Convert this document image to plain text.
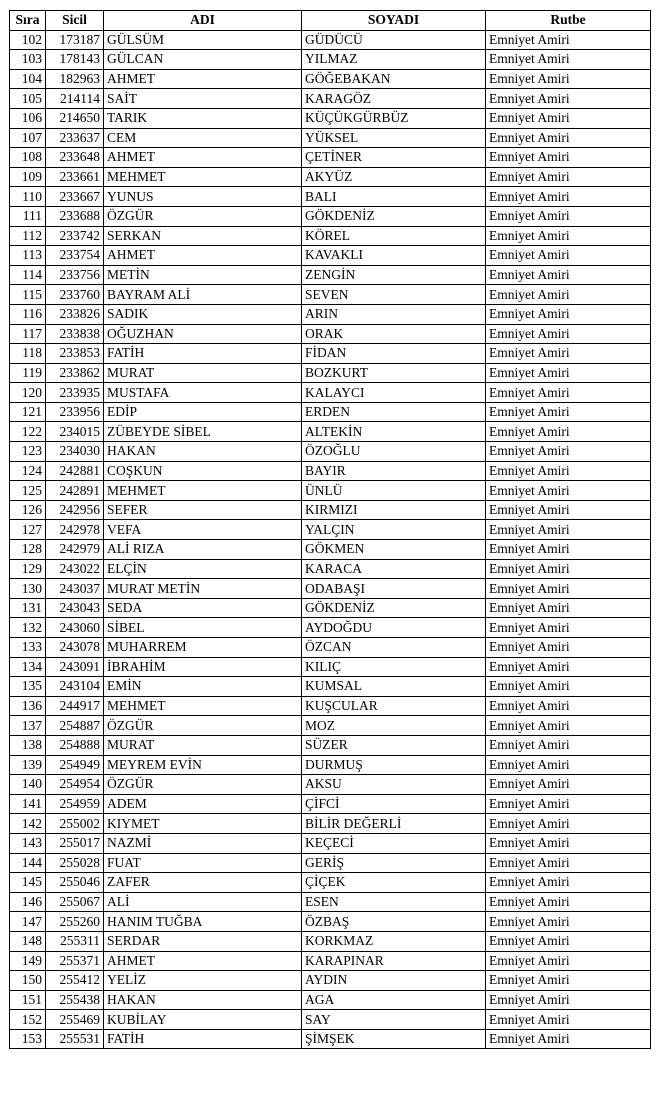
Sıra	Sicil	ADI	SOYADI	Rutbe
102	173187	GÜLSÜM	GÜDÜCÜ	Emniyet Amiri
103	178143	GÜLCAN	YILMAZ	Emniyet Amiri
104	182963	AHMET	GÖĞEBAKAN	Emniyet Amiri
105	214114	SAİT	KARAGÖZ	Emniyet Amiri
106	214650	TARIK	KÜÇÜKGÜRBÜZ	Emniyet Amiri
107	233637	CEM	YÜKSEL	Emniyet Amiri
108	233648	AHMET	ÇETİNER	Emniyet Amiri
109	233661	MEHMET	AKYÜZ	Emniyet Amiri
110	233667	YUNUS	BALI	Emniyet Amiri
111	233688	ÖZGÜR	GÖKDENİZ	Emniyet Amiri
112	233742	SERKAN	KÖREL	Emniyet Amiri
113	233754	AHMET	KAVAKLI	Emniyet Amiri
114	233756	METİN	ZENGİN	Emniyet Amiri
115	233760	BAYRAM ALİ	SEVEN	Emniyet Amiri
116	233826	SADIK	ARIN	Emniyet Amiri
117	233838	OĞUZHAN	ORAK	Emniyet Amiri
118	233853	FATİH	FİDAN	Emniyet Amiri
119	233862	MURAT	BOZKURT	Emniyet Amiri
120	233935	MUSTAFA	KALAYCI	Emniyet Amiri
121	233956	EDİP	ERDEN	Emniyet Amiri
122	234015	ZÜBEYDE SİBEL	ALTEKİN	Emniyet Amiri
123	234030	HAKAN	ÖZOĞLU	Emniyet Amiri
124	242881	COŞKUN	BAYIR	Emniyet Amiri
125	242891	MEHMET	ÜNLÜ	Emniyet Amiri
126	242956	SEFER	KIRMIZI	Emniyet Amiri
127	242978	VEFA	YALÇIN	Emniyet Amiri
128	242979	ALİ RIZA	GÖKMEN	Emniyet Amiri
129	243022	ELÇİN	KARACA	Emniyet Amiri
130	243037	MURAT METİN	ODABAŞI	Emniyet Amiri
131	243043	SEDA	GÖKDENİZ	Emniyet Amiri
132	243060	SİBEL	AYDOĞDU	Emniyet Amiri
133	243078	MUHARREM	ÖZCAN	Emniyet Amiri
134	243091	İBRAHİM	KILIÇ	Emniyet Amiri
135	243104	EMİN	KUMSAL	Emniyet Amiri
136	244917	MEHMET	KUŞCULAR	Emniyet Amiri
137	254887	ÖZGÜR	MOZ	Emniyet Amiri
138	254888	MURAT	SÜZER	Emniyet Amiri
139	254949	MEYREM EVİN	DURMUŞ	Emniyet Amiri
140	254954	ÖZGÜR	AKSU	Emniyet Amiri
141	254959	ADEM	ÇİFCİ	Emniyet Amiri
142	255002	KIYMET	BİLİR DEĞERLİ	Emniyet Amiri
143	255017	NAZMİ	KEÇECİ	Emniyet Amiri
144	255028	FUAT	GERİŞ	Emniyet Amiri
145	255046	ZAFER	ÇİÇEK	Emniyet Amiri
146	255067	ALİ	ESEN	Emniyet Amiri
147	255260	HANIM TUĞBA	ÖZBAŞ	Emniyet Amiri
148	255311	SERDAR	KORKMAZ	Emniyet Amiri
149	255371	AHMET	KARAPINAR	Emniyet Amiri
150	255412	YELİZ	AYDIN	Emniyet Amiri
151	255438	HAKAN	AGA	Emniyet Amiri
152	255469	KUBİLAY	SAY	Emniyet Amiri
153	255531	FATİH	ŞİMŞEK	Emniyet Amiri
